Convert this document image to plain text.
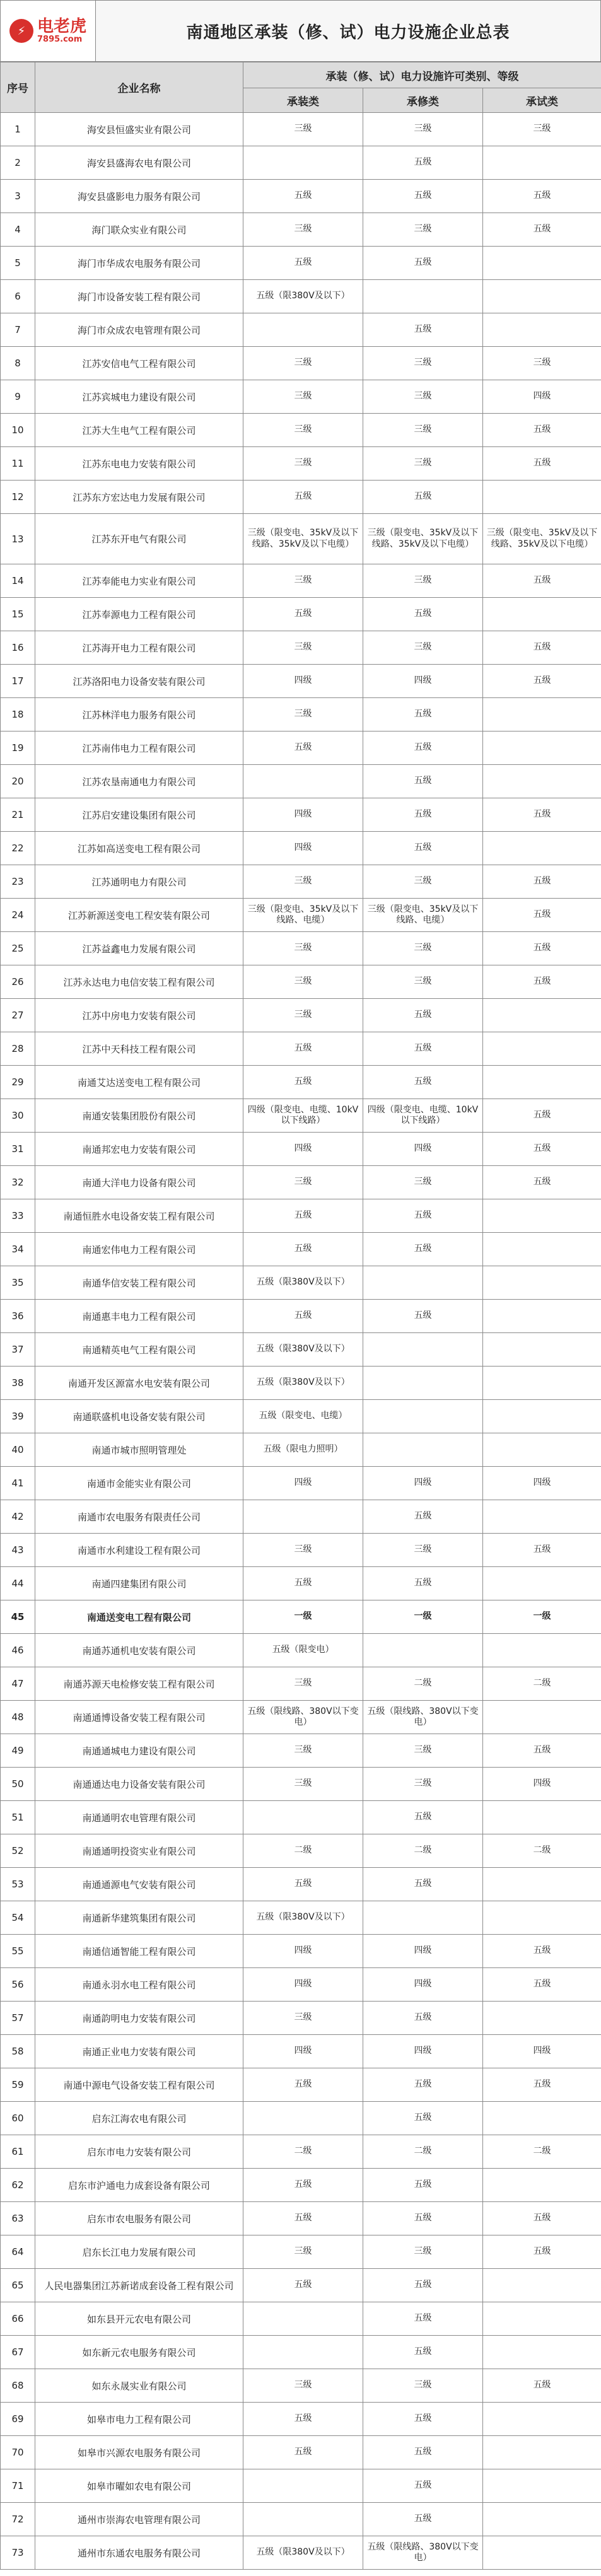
⚡ 电老虎
7895.com	南通地区承装（修、试）电力设施企业总表
序号	企业名称	承装（修、试）电力设施许可类别、等级		
		承装类	承修类	承试类
1	海安县恒盛实业有限公司	三级	三级	三级
2	海安县盛海农电有限公司		五级	
3	海安县盛影电力服务有限公司	五级	五级	五级
4	海门联众实业有限公司	三级	三级	五级
5	海门市华成农电服务有限公司	五级	五级	
6	海门市设备安装工程有限公司	五级（限380V及以下）		
7	海门市众成农电管理有限公司		五级	
8	江苏安信电气工程有限公司	三级	三级	三级
9	江苏宾城电力建设有限公司	三级	三级	四级
10	江苏大生电气工程有限公司	三级	三级	五级
11	江苏东电电力安装有限公司	三级	三级	五级
12	江苏东方宏达电力发展有限公司	五级	五级	
13	江苏东开电气有限公司	三级（限变电、35kV及以下线路、35kV及以下电缆）	三级（限变电、35kV及以下线路、35kV及以下电缆）	三级（限变电、35kV及以下线路、35kV及以下电缆）
14	江苏奉能电力实业有限公司	三级	三级	五级
15	江苏奉源电力工程有限公司	五级	五级	
16	江苏海开电力工程有限公司	三级	三级	五级
17	江苏洛阳电力设备安装有限公司	四级	四级	五级
18	江苏林洋电力服务有限公司	三级	五级	
19	江苏南伟电力工程有限公司	五级	五级	
20	江苏农垦南通电力有限公司		五级	
21	江苏启安建设集团有限公司	四级	五级	五级
22	江苏如高送变电工程有限公司	四级	五级	
23	江苏通明电力有限公司	三级	三级	五级
24	江苏新源送变电工程安装有限公司	三级（限变电、35kV及以下线路、电缆）	三级（限变电、35kV及以下线路、电缆）	五级
25	江苏益鑫电力发展有限公司	三级	三级	五级
26	江苏永达电力电信安装工程有限公司	三级	三级	五级
27	江苏中房电力安装有限公司	三级	五级	
28	江苏中天科技工程有限公司	五级	五级	
29	南通艾达送变电工程有限公司	五级	五级	
30	南通安装集团股份有限公司	四级（限变电、电缆、10kV以下线路）	四级（限变电、电缆、10kV以下线路）	五级
31	南通邦宏电力安装有限公司	四级	四级	五级
32	南通大洋电力设备有限公司	三级	三级	五级
33	南通恒胜水电设备安装工程有限公司	五级	五级	
34	南通宏伟电力工程有限公司	五级	五级	
35	南通华信安装工程有限公司	五级（限380V及以下）		
36	南通惠丰电力工程有限公司	五级	五级	
37	南通精英电气工程有限公司	五级（限380V及以下）		
38	南通开发区源富水电安装有限公司	五级（限380V及以下）		
39	南通联盛机电设备安装有限公司	五级（限变电、电缆）		
40	南通市城市照明管理处	五级（限电力照明）		
41	南通市金能实业有限公司	四级	四级	四级
42	南通市农电服务有限责任公司		五级	
43	南通市水利建设工程有限公司	三级	三级	五级
44	南通四建集团有限公司	五级	五级	
45	南通送变电工程有限公司	一级	一级	一级
46	南通苏通机电安装有限公司	五级（限变电）		
47	南通苏源天电检修安装工程有限公司	三级	二级	二级
48	南通通博设备安装工程有限公司	五级（限线路、380V以下变电）	五级（限线路、380V以下变电）	
49	南通通城电力建设有限公司	三级	三级	五级
50	南通通达电力设备安装有限公司	三级	三级	四级
51	南通通明农电管理有限公司		五级	
52	南通通明投资实业有限公司	二级	二级	二级
53	南通通源电气安装有限公司	五级	五级	
54	南通新华建筑集团有限公司	五级（限380V及以下）		
55	南通信通智能工程有限公司	四级	四级	五级
56	南通永羽水电工程有限公司	四级	四级	五级
57	南通韵明电力安装有限公司	三级	五级	
58	南通正业电力安装有限公司	四级	四级	四级
59	南通中源电气设备安装工程有限公司	五级	五级	五级
60	启东江海农电有限公司		五级	
61	启东市电力安装有限公司	二级	二级	二级
62	启东市沪通电力成套设备有限公司	五级	五级	
63	启东市农电服务有限公司	五级	五级	五级
64	启东长江电力发展有限公司	三级	三级	五级
65	人民电器集团江苏新诺成套设备工程有限公司	五级	五级	
66	如东县开元农电有限公司		五级	
67	如东新元农电服务有限公司		五级	
68	如东永晟实业有限公司	三级	三级	五级
69	如皋市电力工程有限公司	五级	五级	
70	如皋市兴源农电服务有限公司	五级	五级	
71	如皋市曜如农电有限公司		五级	
72	通州市崇海农电管理有限公司		五级	
73	通州市东通农电服务有限公司	五级（限380V及以下）	五级（限线路、380V以下变电）	
